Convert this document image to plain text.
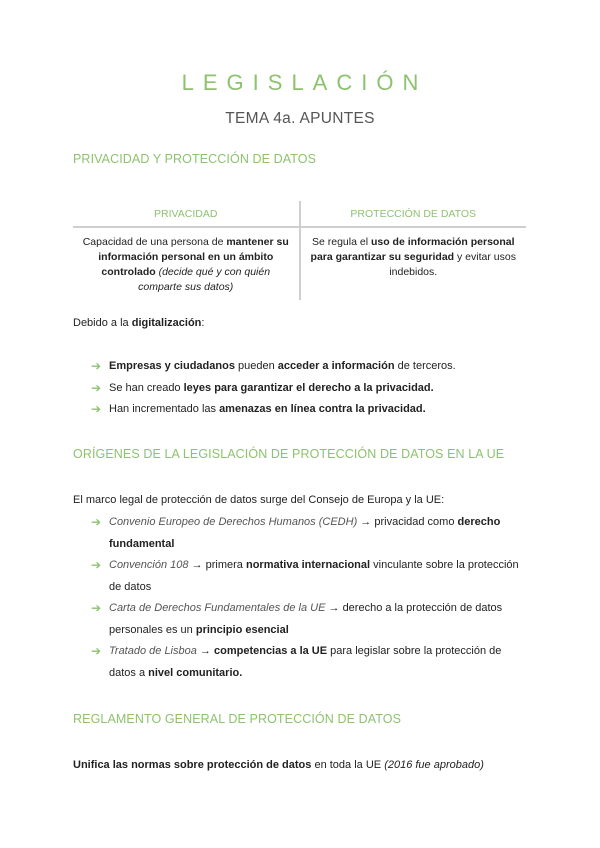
LEGISLACIÓN
TEMA 4a. APUNTES
PRIVACIDAD Y PROTECCIÓN DE DATOS
PRIVACIDAD	PROTECCIÓN DE DATOS
Capacidad de una persona de mantener su información personal en un ámbito controlado (decide qué y con quién comparte sus datos)	Se regula el uso de información personal para garantizar su seguridad y evitar usos indebidos.
Debido a la digitalización:
➔ Empresas y ciudadanos pueden acceder a información de terceros.
➔ Se han creado leyes para garantizar el derecho a la privacidad.
➔ Han incrementado las amenazas en línea contra la privacidad.
ORÍGENES DE LA LEGISLACIÓN DE PROTECCIÓN DE DATOS EN LA UE
El marco legal de protección de datos surge del Consejo de Europa y la UE:
➔ Convenio Europeo de Derechos Humanos (CEDH) → privacidad como derecho fundamental
➔ Convención 108 → primera normativa internacional vinculante sobre la protección de datos
➔ Carta de Derechos Fundamentales de la UE → derecho a la protección de datos personales es un principio esencial
➔ Tratado de Lisboa → competencias a la UE para legislar sobre la protección de datos a nivel comunitario.
REGLAMENTO GENERAL DE PROTECCIÓN DE DATOS
Unifica las normas sobre protección de datos en toda la UE (2016 fue aprobado)
